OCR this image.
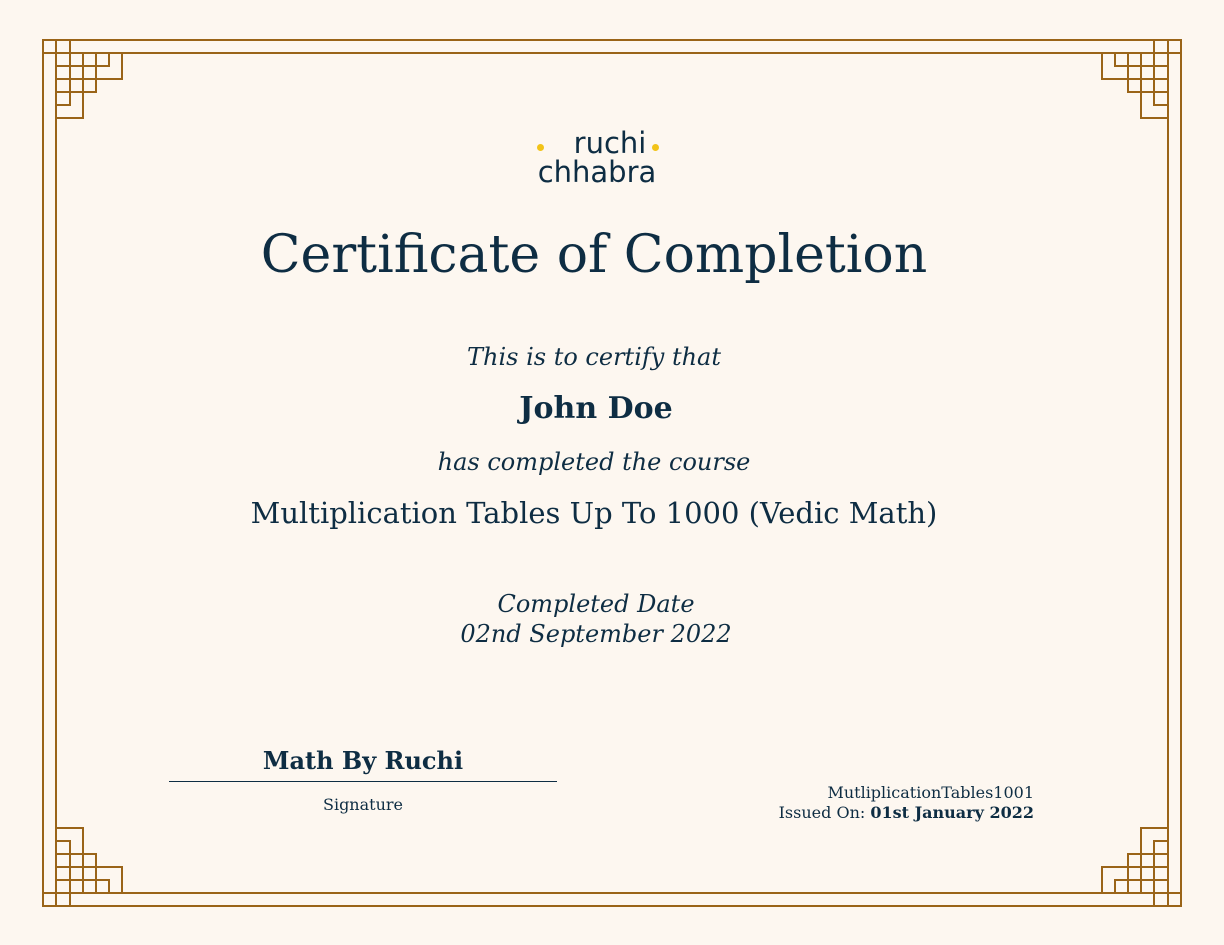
ruchi
chhabra
Certificate of Completion
This is to certify that
John Doe
has completed the course
Multiplication Tables Up To 1000 (Vedic Math)
Completed Date
02nd September 2022
Math By Ruchi
Signature
MutliplicationTables1001
Issued On: 01st January 2022
